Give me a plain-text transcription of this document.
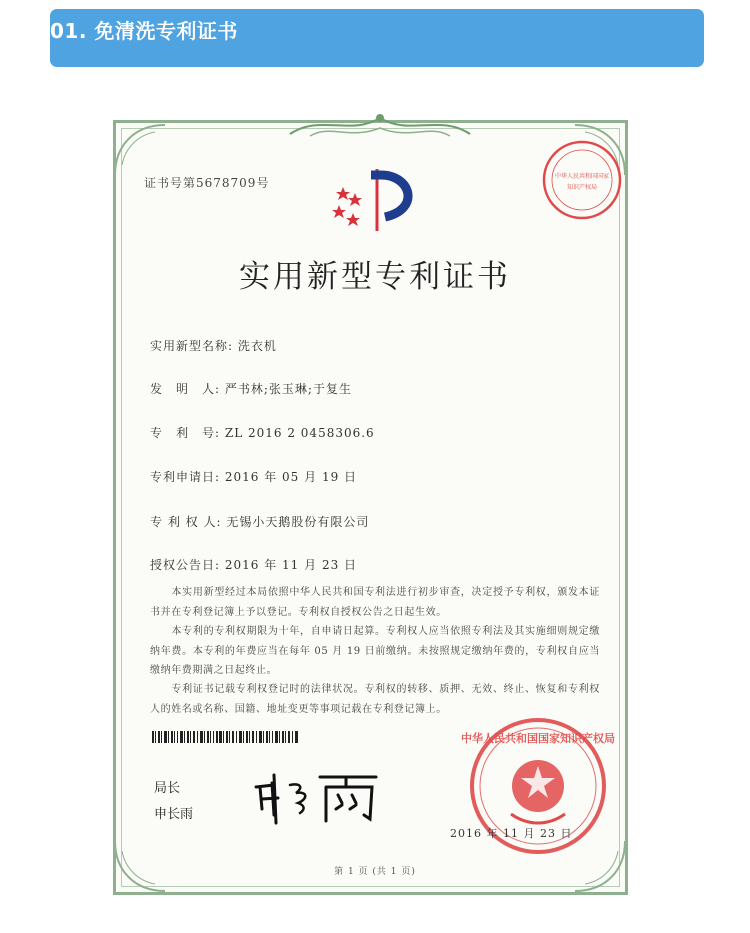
01. 免清洗专利证书
证书号第5678709号	中华人民共和国国家知识产权局
实用新型专利证书
实用新型名称: 洗衣机
发　明　人: 严书林;张玉琳;于复生
专　利　号: ZL 2016 2 0458306.6
专利申请日: 2016 年 05 月 19 日
专 利 权 人: 无锡小天鹅股份有限公司
授权公告日: 2016 年 11 月 23 日
　　本实用新型经过本局依照中华人民共和国专利法进行初步审查，决定授予专利权，颁发本证书并在专利登记簿上予以登记。专利权自授权公告之日起生效。
　　本专利的专利权期限为十年，自申请日起算。专利权人应当依照专利法及其实施细则规定缴纳年费。本专利的年费应当在每年 05 月 19 日前缴纳。未按照规定缴纳年费的，专利权自应当缴纳年费期满之日起终止。
　　专利证书记载专利权登记时的法律状况。专利权的转移、质押、无效、终止、恢复和专利权人的姓名或名称、国籍、地址变更等事项记载在专利登记簿上。
局长
申长雨
中华人民共和国国家知识产权局
2016 年 11 月 23 日
第 1 页 (共 1 页)
